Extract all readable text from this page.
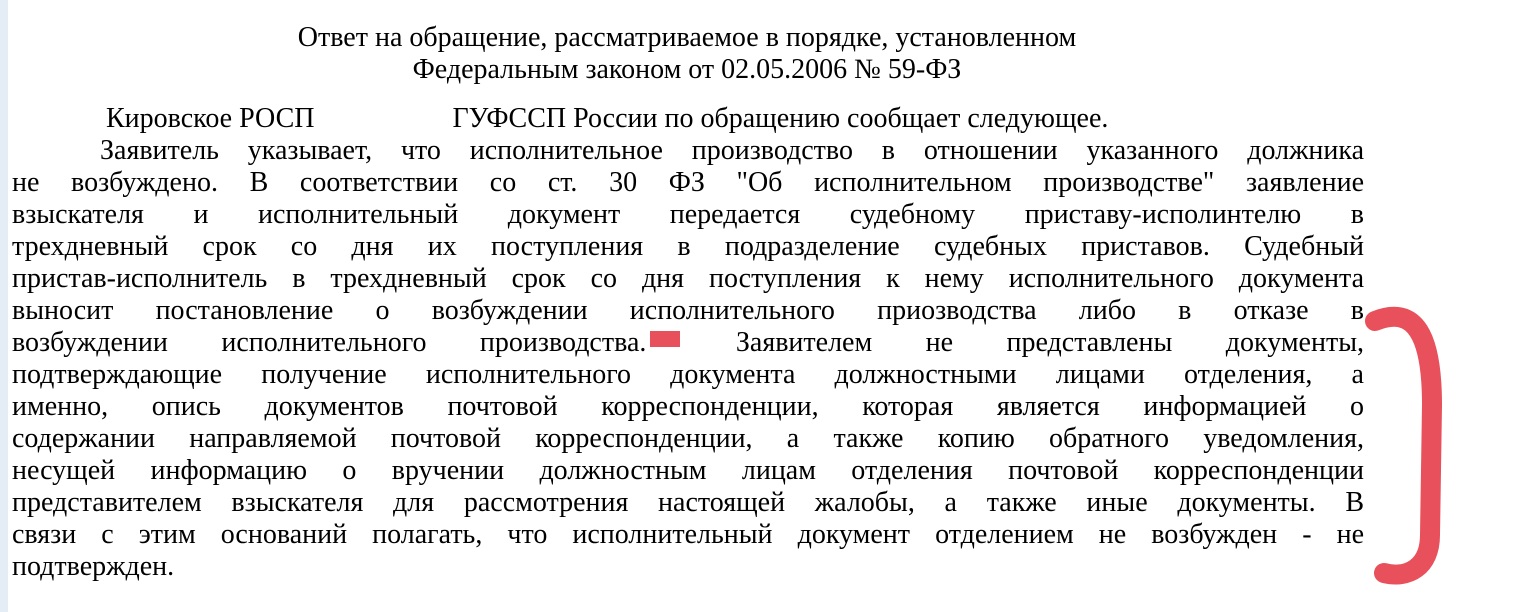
Ответ на обращение, рассматриваемое в порядке, установленном
Федеральным законом от 02.05.2006 № 59-ФЗ
Кировское РОСП	ГУФССП России по обращению сообщает следующее.
Заявитель указывает, что исполнительное производство в отношении указанного должника
не возбуждено. В соответствии со ст. 30 ФЗ "Об исполнительном производстве" заявление
взыскателя и исполнительный документ передается судебному приставу-исполинтелю в
трехдневный срок со дня их поступления в подразделение судебных приставов. Судебный
пристав-исполнитель в трехдневный срок со дня поступления к нему исполнительного документа
выносит постановление о возбуждении исполнительного приозводства либо в отказе в
возбуждении исполнительного производства.	Заявителем не представлены документы,
подтверждающие получение исполнительного документа должностными лицами отделения, а
именно, опись документов почтовой корреспонденции, которая является информацией о
содержании направляемой почтовой корреспонденции, а также копию обратного уведомления,
несущей информацию о вручении должностным лицам отделения почтовой корреспонденции
представителем взыскателя для рассмотрения настоящей жалобы, а также иные документы. В
связи с этим оснований полагать, что исполнительный документ отделением не возбужден - не
подтвержден.
